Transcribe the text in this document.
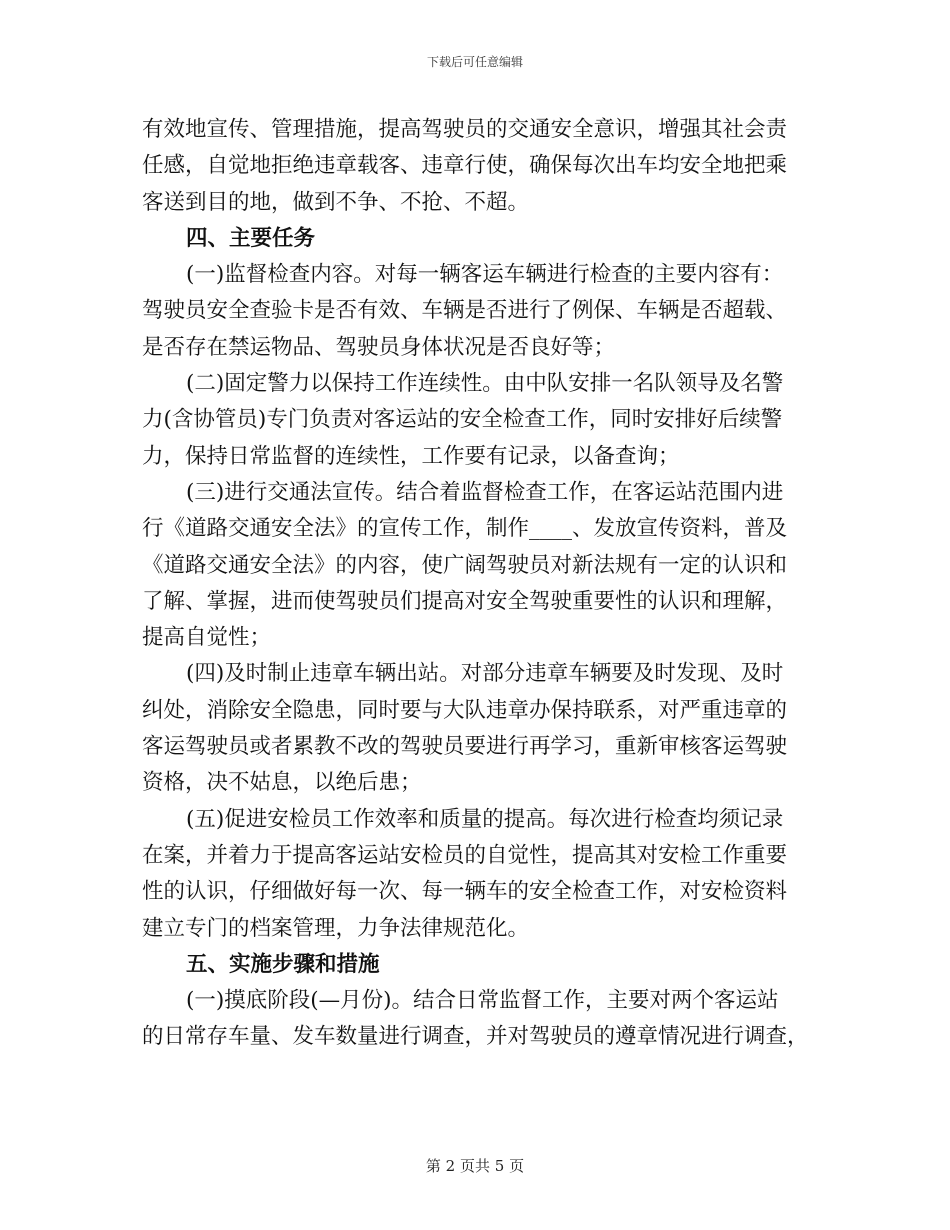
下载后可任意编辑
有效地宣传、管理措施，提高驾驶员的交通安全意识，增强其社会责
任感，自觉地拒绝违章载客、违章行使，确保每次出车均安全地把乘
客送到目的地，做到不争、不抢、不超。
四、主要任务
(一)监督检查内容。对每一辆客运车辆进行检查的主要内容有：
驾驶员安全查验卡是否有效、车辆是否进行了例保、车辆是否超载、
是否存在禁运物品、驾驶员身体状况是否良好等；
(二)固定警力以保持工作连续性。由中队安排一名队领导及名警
力(含协管员)专门负责对客运站的安全检查工作，同时安排好后续警
力，保持日常监督的连续性，工作要有记录，以备查询；
(三)进行交通法宣传。结合着监督检查工作，在客运站范围内进
行《道路交通安全法》的宣传工作，制作____、发放宣传资料，普及
《道路交通安全法》的内容，使广阔驾驶员对新法规有一定的认识和
了解、掌握，进而使驾驶员们提高对安全驾驶重要性的认识和理解，
提高自觉性；
(四)及时制止违章车辆出站。对部分违章车辆要及时发现、及时
纠处，消除安全隐患，同时要与大队违章办保持联系，对严重违章的
客运驾驶员或者累教不改的驾驶员要进行再学习，重新审核客运驾驶
资格，决不姑息，以绝后患；
(五)促进安检员工作效率和质量的提高。每次进行检查均须记录
在案，并着力于提高客运站安检员的自觉性，提高其对安检工作重要
性的认识，仔细做好每一次、每一辆车的安全检查工作，对安检资料
建立专门的档案管理，力争法律规范化。
五、实施步骤和措施
(一)摸底阶段(—月份)。结合日常监督工作，主要对两个客运站
的日常存车量、发车数量进行调查，并对驾驶员的遵章情况进行调查，
第 2 页共 5 页
